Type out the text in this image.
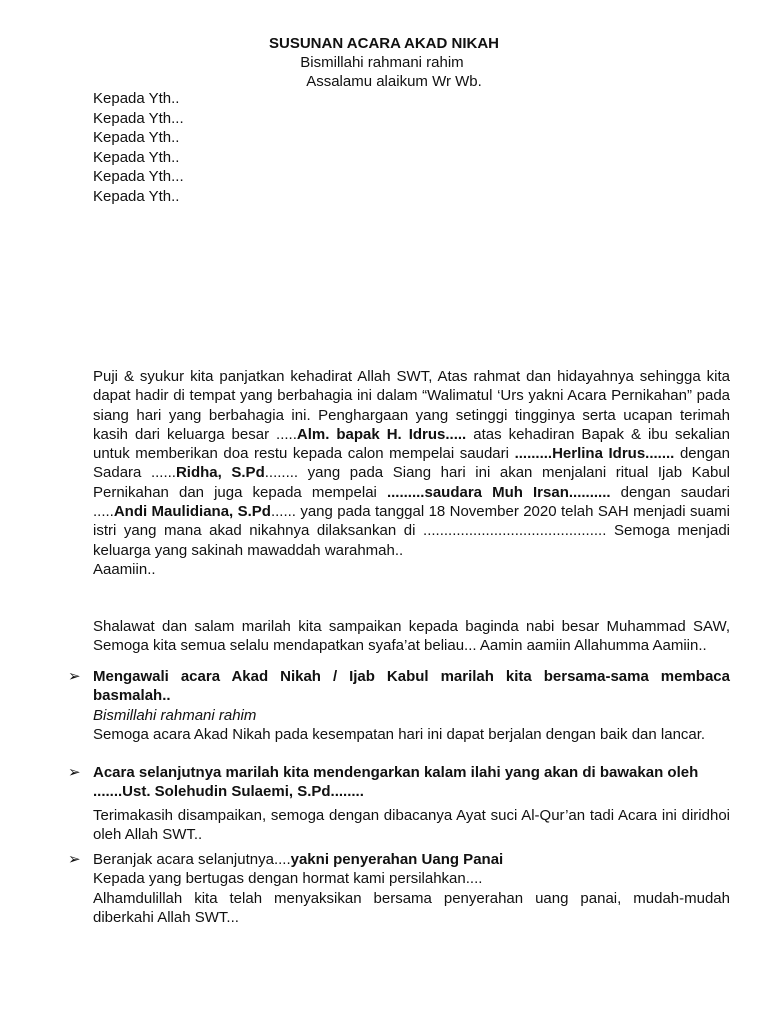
SUSUNAN ACARA AKAD NIKAH
Bismillahi rahmani rahim
Assalamu alaikum Wr Wb.
Kepada Yth..
Kepada Yth...
Kepada Yth..
Kepada Yth..
Kepada Yth...
Kepada Yth..
Puji & syukur kita panjatkan kehadirat Allah SWT, Atas rahmat dan hidayahnya sehingga kita dapat hadir di tempat yang berbahagia ini dalam “Walimatul ‘Urs yakni Acara Pernikahan” pada siang hari yang berbahagia ini. Penghargaan yang setinggi tingginya serta ucapan terimah kasih dari keluarga besar .....Alm. bapak H. Idrus..... atas kehadiran Bapak & ibu sekalian untuk memberikan doa restu kepada calon mempelai saudari .........Herlina Idrus....... dengan Sadara ......Ridha, S.Pd........ yang pada Siang hari ini akan menjalani ritual Ijab Kabul Pernikahan dan juga kepada mempelai .........saudara Muh Irsan.......... dengan saudari .....Andi Maulidiana, S.Pd...... yang pada tanggal 18 November 2020 telah SAH menjadi suami istri yang mana akad nikahnya dilaksankan di ............................................ Semoga menjadi keluarga yang sakinah mawaddah warahmah..
Aaamiin..
Shalawat dan salam marilah kita sampaikan kepada baginda nabi besar Muhammad SAW, Semoga kita semua selalu mendapatkan syafa’at beliau... Aamin aamiin Allahumma Aamiin..
➢ Mengawali acara Akad Nikah / Ijab Kabul marilah kita bersama-sama membaca basmalah..
Bismillahi rahmani rahim
Semoga acara Akad Nikah pada kesempatan hari ini dapat berjalan dengan baik dan lancar.
➢ Acara selanjutnya marilah kita mendengarkan kalam ilahi yang akan di bawakan oleh .......Ust. Solehudin Sulaemi, S.Pd........
Terimakasih disampaikan, semoga dengan dibacanya Ayat suci Al-Qur’an tadi Acara ini diridhoi oleh Allah SWT..
➢ Beranjak acara selanjutnya....yakni penyerahan Uang Panai
Kepada yang bertugas dengan hormat kami persilahkan....
Alhamdulillah kita telah menyaksikan bersama penyerahan uang panai, mudah-mudah diberkahi Allah SWT...
